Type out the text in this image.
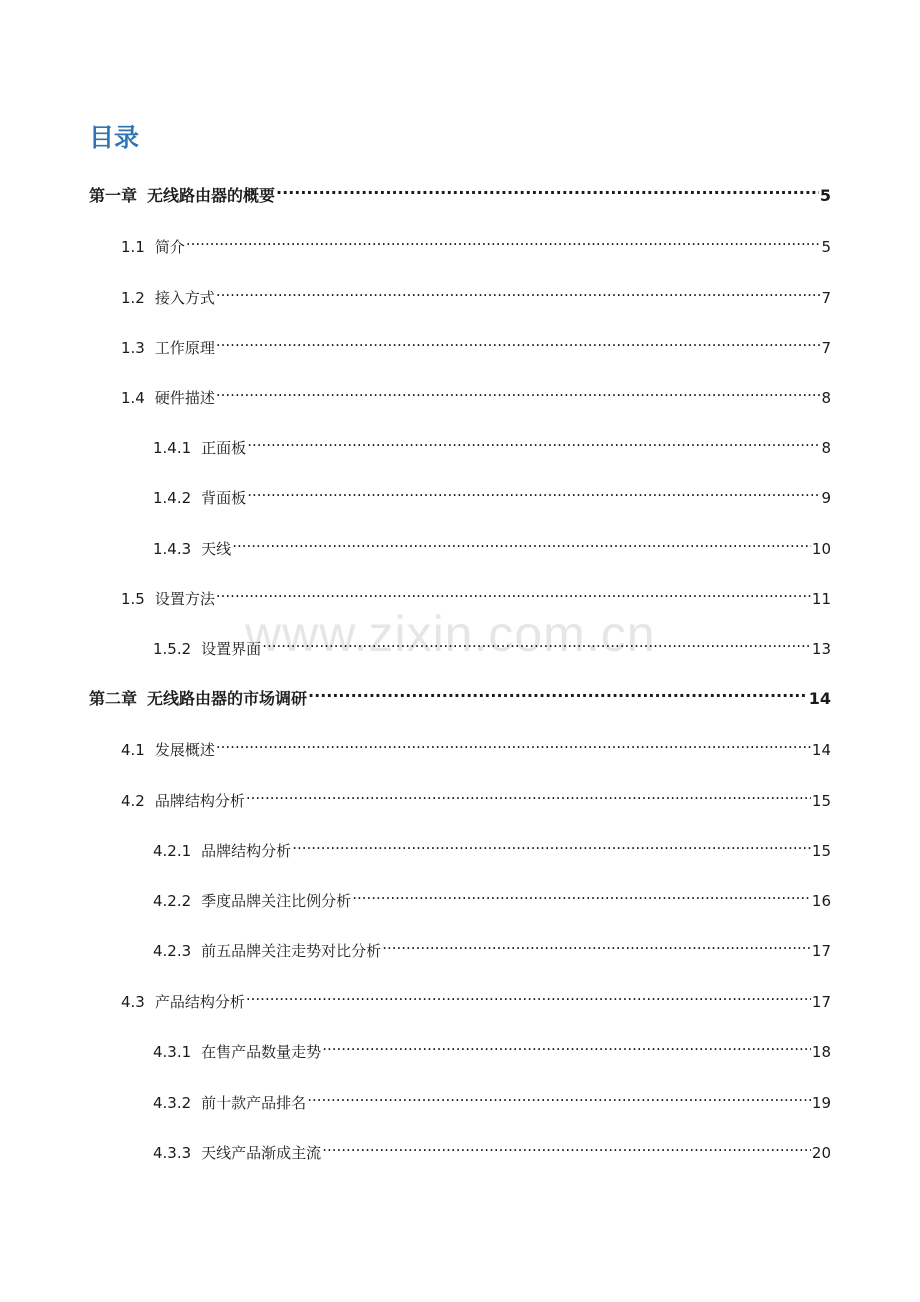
目录
www.zixin.com.cn
第一章 无线路由器的概要 .....	5
1.1 简介 .....	5
1.2 接入方式 .....	7
1.3 工作原理 .....	7
1.4 硬件描述 .....	8
1.4.1 正面板 .....	8
1.4.2 背面板 .....	9
1.4.3 天线 .....	10
1.5 设置方法 .....	11
1.5.2 设置界面 .....	13
第二章 无线路由器的市场调研 .....	14
4.1 发展概述 .....	14
4.2 品牌结构分析 .....	15
4.2.1 品牌结构分析 .....	15
4.2.2 季度品牌关注比例分析 .....	16
4.2.3 前五品牌关注走势对比分析 .....	17
4.3 产品结构分析 .....	17
4.3.1 在售产品数量走势 .....	18
4.3.2 前十款产品排名 .....	19
4.3.3 天线产品渐成主流 .....	20
